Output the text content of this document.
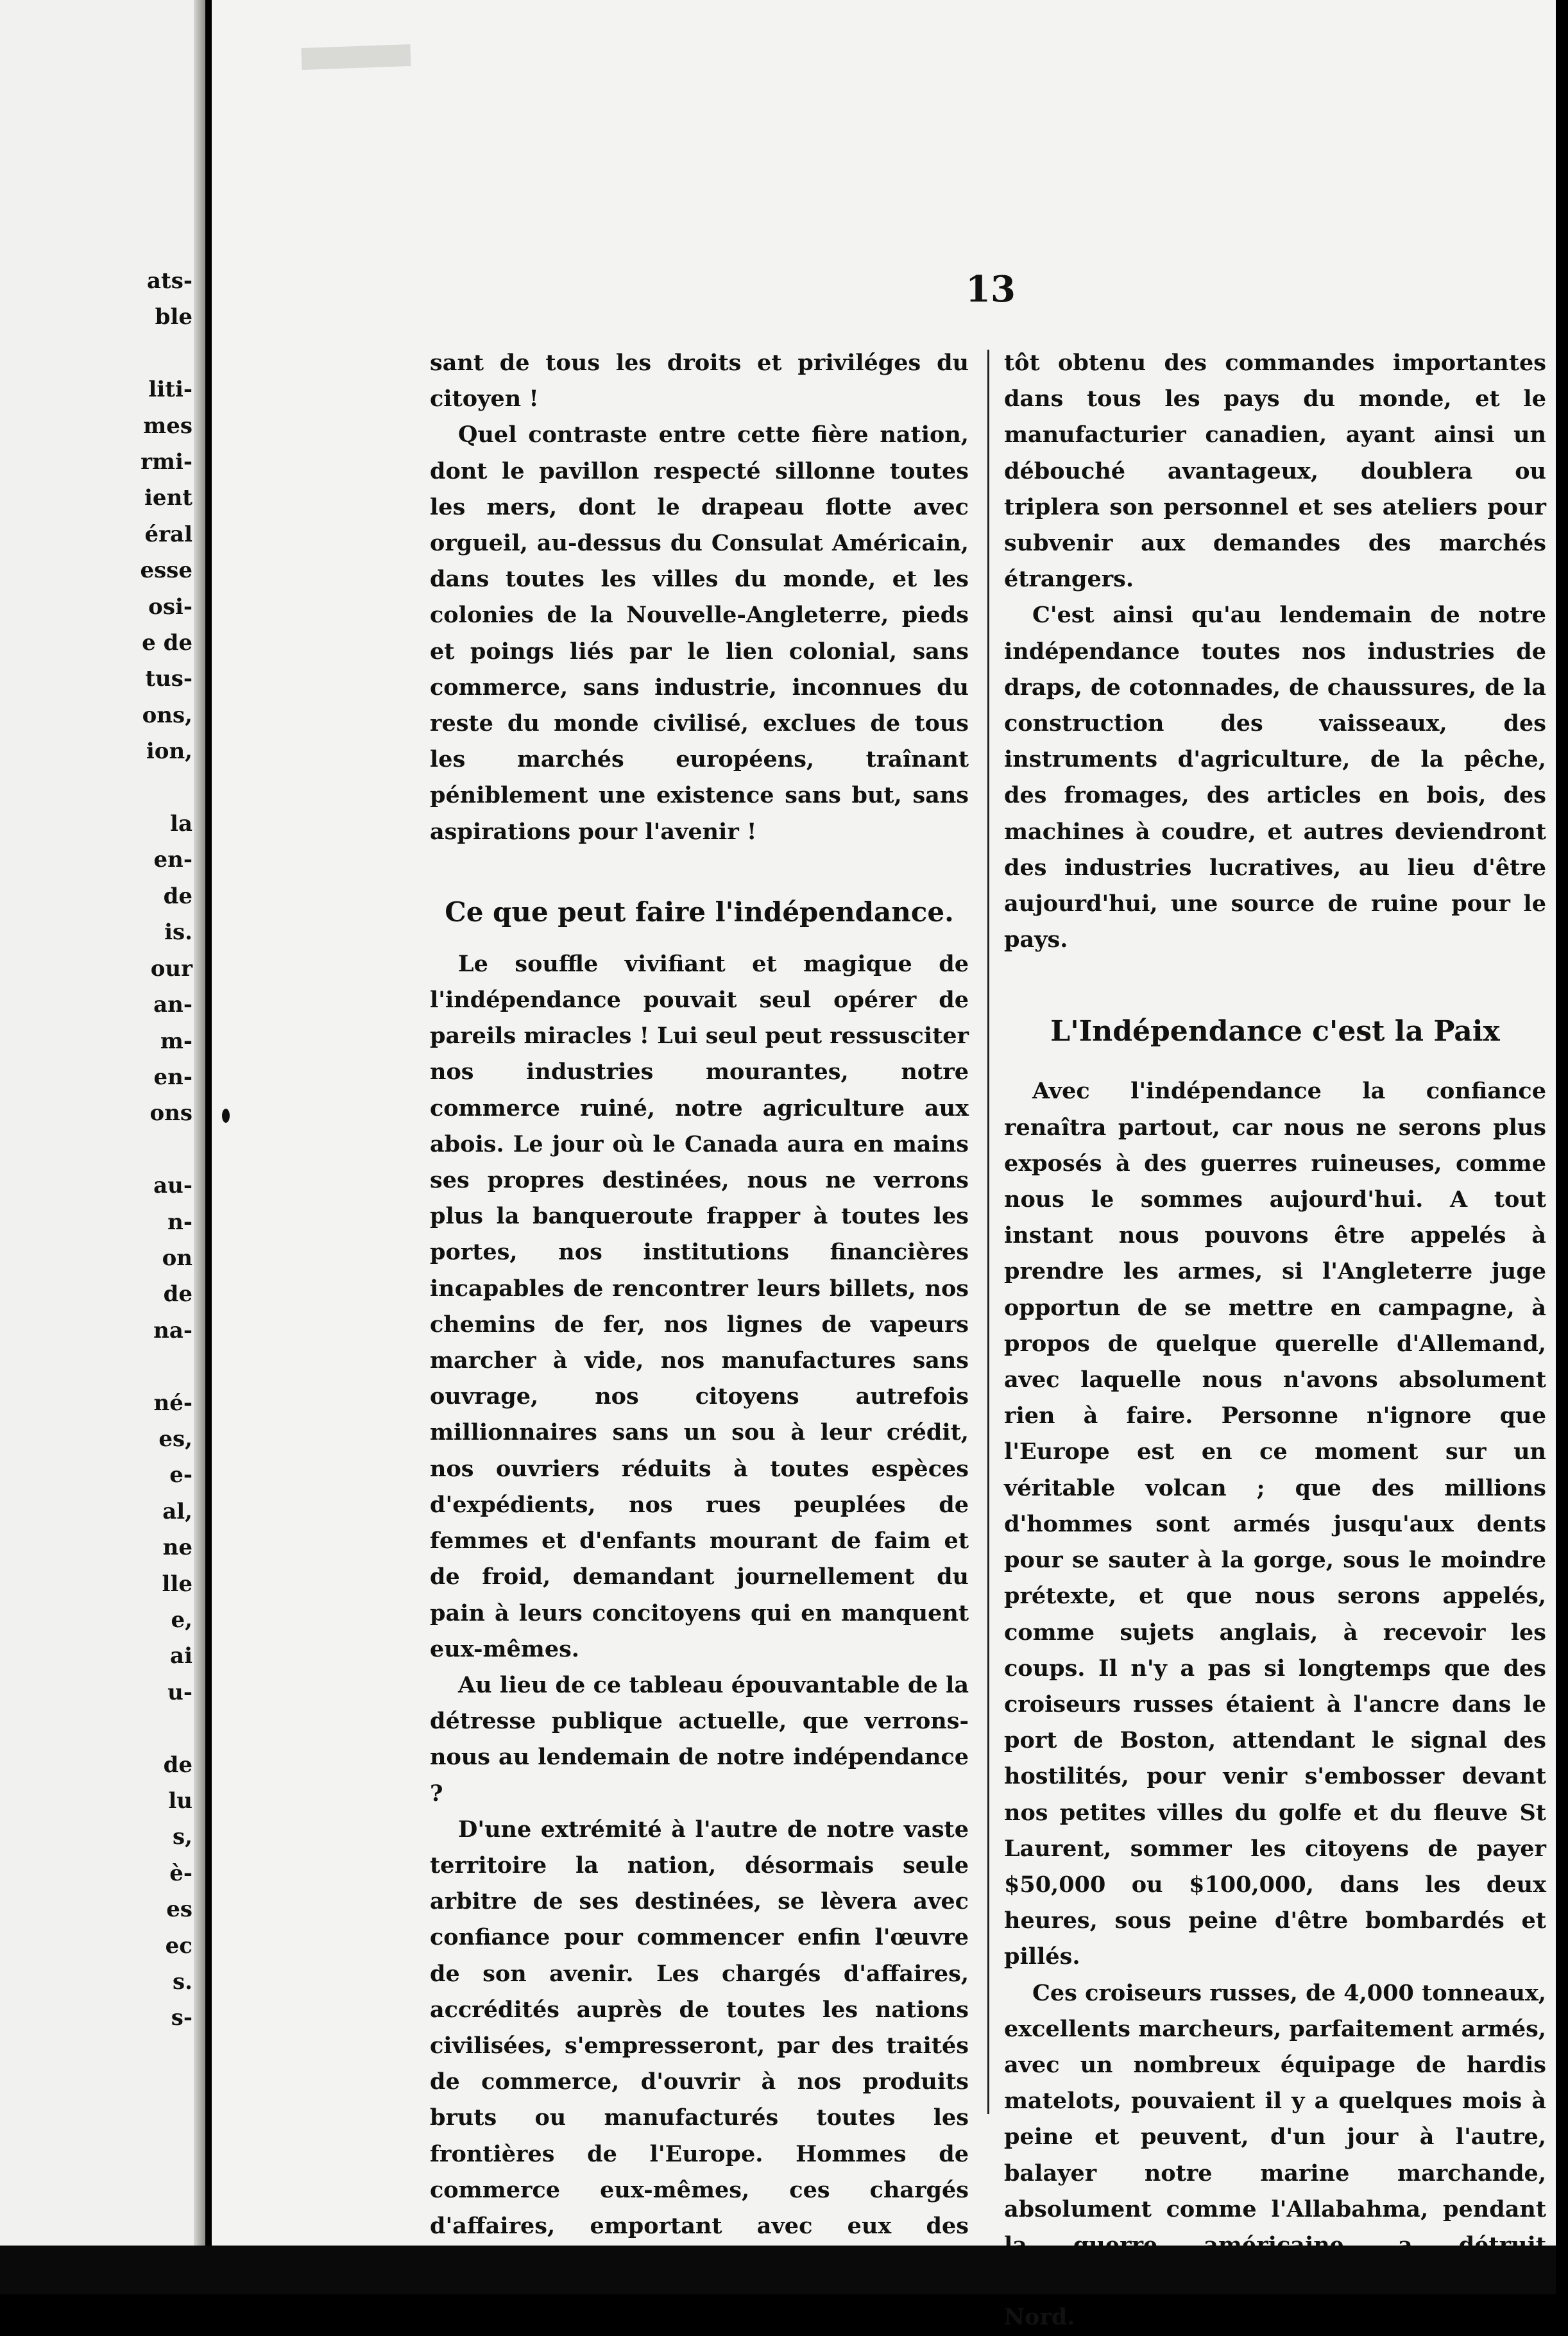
ats-
ble
liti-
mes
rmi-
ient
éral
esse
osi-
e de
tus-
ons,
ion,
la
en-
de
is.
our
an-
m-
en-
ons
au-
n-
on
de
na-
né-
es,
e-
al,
ne
lle
e,
ai
u-
de
lu
s,
è-
es
ec
s.
s-
13

sant de tous les droits et priviléges du citoyen !

Quel contraste entre cette fière nation, dont le pavillon respecté sillonne toutes les mers, dont le drapeau flotte avec orgueil, au-dessus du Consulat Américain, dans toutes les villes du monde, et les colonies de la Nouvelle-Angleterre, pieds et poings liés par le lien colonial, sans commerce, sans industrie, inconnues du reste du monde civilisé, exclues de tous les marchés européens, traînant péniblement une existence sans but, sans aspirations pour l'avenir !

Ce que peut faire l'indépendance.

Le souffle vivifiant et magique de l'indépendance pouvait seul opérer de pareils miracles ! Lui seul peut ressusciter nos industries mourantes, notre commerce ruiné, notre agriculture aux abois. Le jour où le Canada aura en mains ses propres destinées, nous ne verrons plus la banqueroute frapper à toutes les portes, nos institutions financières incapables de rencontrer leurs billets, nos chemins de fer, nos lignes de vapeurs marcher à vide, nos manufactures sans ouvrage, nos citoyens autrefois millionnaires sans un sou à leur crédit, nos ouvriers réduits à toutes espèces d'expédients, nos rues peuplées de femmes et d'enfants mourant de faim et de froid, demandant journellement du pain à leurs concitoyens qui en manquent eux-mêmes.

Au lieu de ce tableau épouvantable de la détresse publique actuelle, que verrons-nous au lendemain de notre indépendance ?

D'une extrémité à l'autre de notre vaste territoire la nation, désormais seule arbitre de ses destinées, se lèvera avec confiance pour commencer enfin l'œuvre de son avenir. Les chargés d'affaires, accrédités auprès de toutes les nations civilisées, s'empresseront, par des traités de commerce, d'ouvrir à nos produits bruts ou manufacturés toutes les frontières de l'Europe. Hommes de commerce eux-mêmes, ces chargés d'affaires, emportant avec eux des

tôt obtenu des commandes importantes dans tous les pays du monde, et le manufacturier canadien, ayant ainsi un débouché avantageux, doublera ou triplera son personnel et ses ateliers pour subvenir aux demandes des marchés étrangers.

C'est ainsi qu'au lendemain de notre indépendance toutes nos industries de draps, de cotonnades, de chaussures, de la construction des vaisseaux, des instruments d'agriculture, de la pêche, des fromages, des articles en bois, des machines à coudre, et autres deviendront des industries lucratives, au lieu d'être aujourd'hui, une source de ruine pour le pays.

L'Indépendance c'est la Paix

Avec l'indépendance la confiance renaîtra partout, car nous ne serons plus exposés à des guerres ruineuses, comme nous le sommes aujourd'hui. A tout instant nous pouvons être appelés à prendre les armes, si l'Angleterre juge opportun de se mettre en campagne, à propos de quelque querelle d'Allemand, avec laquelle nous n'avons absolument rien à faire. Personne n'ignore que l'Europe est en ce moment sur un véritable volcan ; que des millions d'hommes sont armés jusqu'aux dents pour se sauter à la gorge, sous le moindre prétexte, et que nous serons appelés, comme sujets anglais, à recevoir les coups. Il n'y a pas si longtemps que des croiseurs russes étaient à l'ancre dans le port de Boston, attendant le signal des hostilités, pour venir s'embosser devant nos petites villes du golfe et du fleuve St Laurent, sommer les citoyens de payer $50,000 ou $100,000, dans les deux heures, sous peine d'être bombardés et pillés.

Ces croiseurs russes, de 4,000 tonneaux, excellents marcheurs, parfaitement armés, avec un nombreux équipage de hardis matelots, pouvaient il y a quelques mois à peine et peuvent, d'un jour à l'autre, balayer notre marine marchande, absolument comme l'Allabahma, pendant Nord.
